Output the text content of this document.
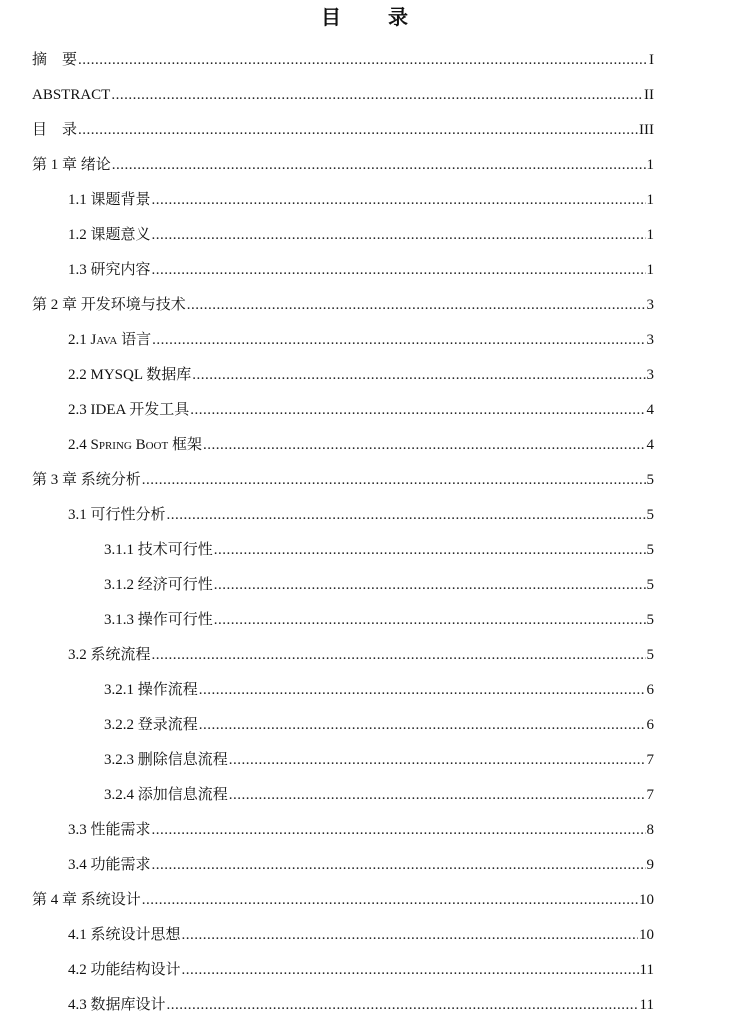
目 录
摘　要 .....	I
ABSTRACT .....	II
目　录 .....	III
第 1 章 绪论 .....	1
1.1 课题背景 .....	1
1.2 课题意义 .....	1
1.3 研究内容 .....	1
第 2 章 开发环境与技术 .....	3
2.1 Java 语言 .....	3
2.2 MYSQL 数据库 .....	3
2.3 IDEA 开发工具 .....	4
2.4 Spring Boot 框架 .....	4
第 3 章 系统分析 .....	5
3.1 可行性分析 .....	5
3.1.1 技术可行性 .....	5
3.1.2 经济可行性 .....	5
3.1.3 操作可行性 .....	5
3.2 系统流程 .....	5
3.2.1 操作流程 .....	6
3.2.2 登录流程 .....	6
3.2.3 删除信息流程 .....	7
3.2.4 添加信息流程 .....	7
3.3 性能需求 .....	8
3.4 功能需求 .....	9
第 4 章 系统设计 .....	10
4.1 系统设计思想 .....	10
4.2 功能结构设计 .....	11
4.3 数据库设计 .....	11
